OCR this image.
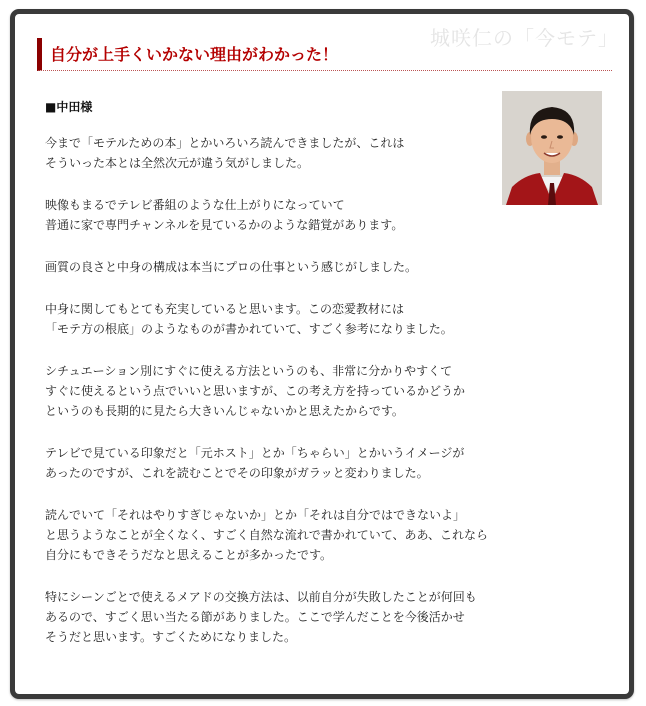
城咲仁の「今モテ」
自分が上手くいかない理由がわかった！
■中田様

今まで「モテルための本」とかいろいろ読んできましたが、これは
そういった本とは全然次元が違う気がしました。

映像もまるでテレビ番組のような仕上がりになっていて
普通に家で専門チャンネルを見ているかのような錯覚があります。

画質の良さと中身の構成は本当にプロの仕事という感じがしました。

中身に関してもとても充実していると思います。この恋愛教材には
「モテ方の根底」のようなものが書かれていて、すごく参考になりました。

シチュエーション別にすぐに使える方法というのも、非常に分かりやすくて
すぐに使えるという点でいいと思いますが、この考え方を持っているかどうか
というのも長期的に見たら大きいんじゃないかと思えたからです。

テレビで見ている印象だと「元ホスト」とか「ちゃらい」とかいうイメージが
あったのですが、これを読むことでその印象がガラッと変わりました。

読んでいて「それはやりすぎじゃないか」とか「それは自分ではできないよ」
と思うようなことが全くなく、すごく自然な流れで書かれていて、ああ、これなら
自分にもできそうだなと思えることが多かったです。

特にシーンごとで使えるメアドの交換方法は、以前自分が失敗したことが何回も
あるので、すごく思い当たる節がありました。ここで学んだことを今後活かせ
そうだと思います。すごくためになりました。
